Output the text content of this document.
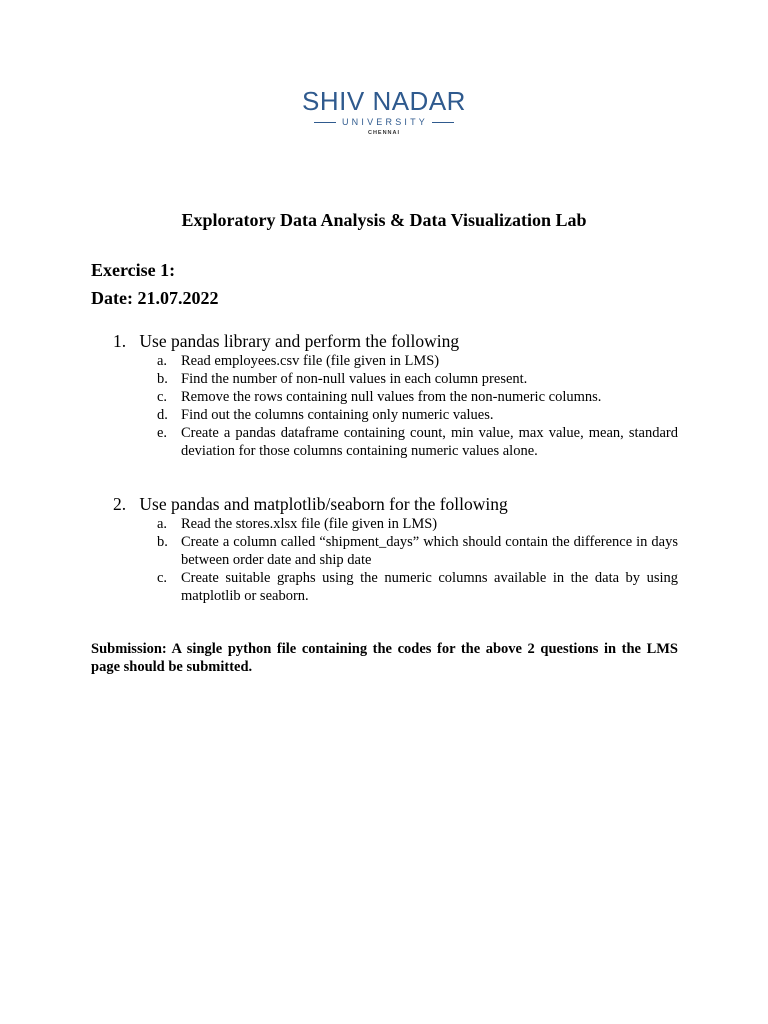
SHIV NADAR
UNIVERSITY
CHENNAI
Exploratory Data Analysis & Data Visualization Lab
Exercise 1:
Date: 21.07.2022
1. Use pandas library and perform the following
a. Read employees.csv file (file given in LMS)
b. Find the number of non-null values in each column present.
c. Remove the rows containing null values from the non-numeric columns.
d. Find out the columns containing only numeric values.
e. Create a pandas dataframe containing count, min value, max value, mean, standard deviation for those columns containing numeric values alone.
2. Use pandas and matplotlib/seaborn for the following
a. Read the stores.xlsx file (file given in LMS)
b. Create a column called “shipment_days” which should contain the difference in days between order date and ship date
c. Create suitable graphs using the numeric columns available in the data by using matplotlib or seaborn.
Submission: A single python file containing the codes for the above 2 questions in the LMS page should be submitted.
